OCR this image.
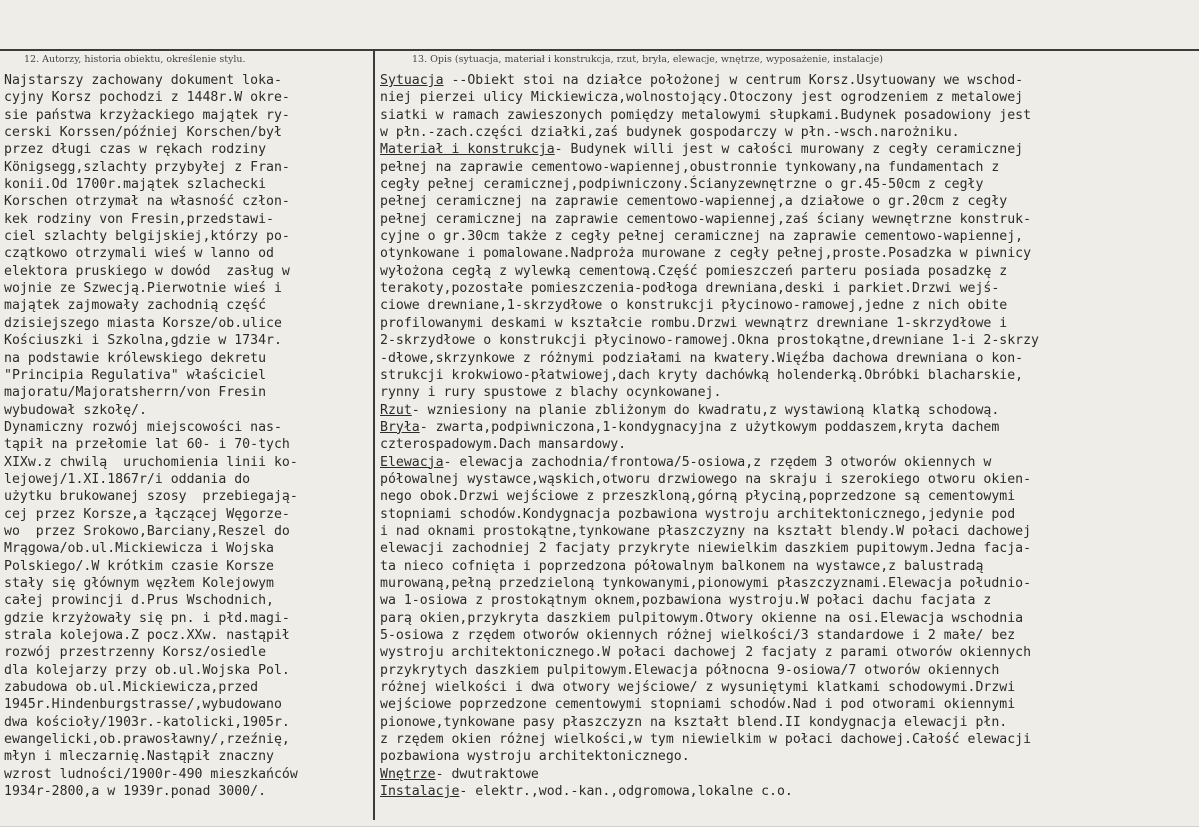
12. Autorzy, historia obiektu, określenie stylu.	13. Opis (sytuacja, materiał i konstrukcja, rzut, bryła, elewacje, wnętrze, wyposażenie, instalacje)
Najstarszy zachowany dokument loka-
cyjny Korsz pochodzi z 1448r.W okre-
sie państwa krzyżackiego majątek ry-
cerski Korssen/później Korschen/był
przez długi czas w rękach rodziny
Königsegg,szlachty przybyłej z Fran-
konii.Od 1700r.majątek szlachecki
Korschen otrzymał na własność człon-
kek rodziny von Fresin,przedstawi-
ciel szlachty belgijskiej,którzy po-
czątkowo otrzymali wieś w lanno od
elektora pruskiego w dowód  zasług w
wojnie ze Szwecją.Pierwotnie wieś i
majątek zajmowały zachodnią część
dzisiejszego miasta Korsze/ob.ulice
Kościuszki i Szkolna,gdzie w 1734r.
na podstawie królewskiego dekretu
"Principia Regulativa" właściciel
majoratu/Majoratsherrn/von Fresin
wybudował szkołę/.
Dynamiczny rozwój miejscowości nas-
tąpił na przełomie lat 60- i 70-tych
XIXw.z chwilą  uruchomienia linii ko-
lejowej/1.XI.1867r/i oddania do
użytku brukowanej szosy  przebiegają-
cej przez Korsze,a łączącej Węgorze-
wo  przez Srokowo,Barciany,Reszel do
Mrągowa/ob.ul.Mickiewicza i Wojska
Polskiego/.W krótkim czasie Korsze
stały się głównym węzłem Kolejowym
całej prowincji d.Prus Wschodnich,
gdzie krzyżowały się pn. i płd.magi-
strala kolejowa.Z pocz.XXw. nastąpił
rozwój przestrzenny Korsz/osiedle
dla kolejarzy przy ob.ul.Wojska Pol.
zabudowa ob.ul.Mickiewicza,przed
1945r.Hindenburgstrasse/,wybudowano
dwa kościoły/1903r.-katolicki,1905r.
ewangelicki,ob.prawosławny/,rzeźnię,
młyn i mleczarnię.Nastąpił znaczny
wzrost ludności/1900r-490 mieszkańców
1934r-2800,a w 1939r.ponad 3000/.
Sytuacja --Obiekt stoi na działce położonej w centrum Korsz.Usytuowany we wschod-
niej pierzei ulicy Mickiewicza,wolnostojący.Otoczony jest ogrodzeniem z metalowej
siatki w ramach zawieszonych pomiędzy metalowymi słupkami.Budynek posadowiony jest
w płn.-zach.części działki,zaś budynek gospodarczy w płn.-wsch.narożniku.
Materiał i konstrukcja- Budynek willi jest w całości murowany z cegły ceramicznej
pełnej na zaprawie cementowo-wapiennej,obustronnie tynkowany,na fundamentach z
cegły pełnej ceramicznej,podpiwniczony.Ścianyzewnętrzne o gr.45-50cm z cegły
pełnej ceramicznej na zaprawie cementowo-wapiennej,a działowe o gr.20cm z cegły
pełnej ceramicznej na zaprawie cementowo-wapiennej,zaś ściany wewnętrzne konstruk-
cyjne o gr.30cm także z cegły pełnej ceramicznej na zaprawie cementowo-wapiennej,
otynkowane i pomalowane.Nadproża murowane z cegły pełnej,proste.Posadzka w piwnicy
wyłożona cegłą z wylewką cementową.Część pomieszczeń parteru posiada posadzkę z
terakoty,pozostałe pomieszczenia-podłoga drewniana,deski i parkiet.Drzwi wejś-
ciowe drewniane,1-skrzydłowe o konstrukcji płycinowo-ramowej,jedne z nich obite
profilowanymi deskami w kształcie rombu.Drzwi wewnątrz drewniane 1-skrzydłowe i
2-skrzydłowe o konstrukcji płycinowo-ramowej.Okna prostokątne,drewniane 1-i 2-skrzy
-dłowe,skrzynkowe z różnymi podziałami na kwatery.Więźba dachowa drewniana o kon-
strukcji krokwiowo-płatwiowej,dach kryty dachówką holenderką.Obróbki blacharskie,
rynny i rury spustowe z blachy ocynkowanej.
Rzut- wzniesiony na planie zbliżonym do kwadratu,z wystawioną klatką schodową.
Bryła- zwarta,podpiwniczona,1-kondygnacyjna z użytkowym poddaszem,kryta dachem
czterospadowym.Dach mansardowy.
Elewacja- elewacja zachodnia/frontowa/5-osiowa,z rzędem 3 otworów okiennych w
półowalnej wystawce,wąskich,otworu drzwiowego na skraju i szerokiego otworu okien-
nego obok.Drzwi wejściowe z przeszkloną,górną płyciną,poprzedzone są cementowymi
stopniami schodów.Kondygnacja pozbawiona wystroju architektonicznego,jedynie pod
i nad oknami prostokątne,tynkowane płaszczyzny na kształt blendy.W połaci dachowej
elewacji zachodniej 2 facjaty przykryte niewielkim daszkiem pupitowym.Jedna facja-
ta nieco cofnięta i poprzedzona półowalnym balkonem na wystawce,z balustradą
murowaną,pełną przedzieloną tynkowanymi,pionowymi płaszczyznami.Elewacja południo-
wa 1-osiowa z prostokątnym oknem,pozbawiona wystroju.W połaci dachu facjata z
parą okien,przykryta daszkiem pulpitowym.Otwory okienne na osi.Elewacja wschodnia
5-osiowa z rzędem otworów okiennych różnej wielkości/3 standardowe i 2 małe/ bez
wystroju architektonicznego.W połaci dachowej 2 facjaty z parami otworów okiennych
przykrytych daszkiem pulpitowym.Elewacja północna 9-osiowa/7 otworów okiennych
różnej wielkości i dwa otwory wejściowe/ z wysuniętymi klatkami schodowymi.Drzwi
wejściowe poprzedzone cementowymi stopniami schodów.Nad i pod otworami okiennymi
pionowe,tynkowane pasy płaszczyzn na kształt blend.II kondygnacja elewacji płn.
z rzędem okien różnej wielkości,w tym niewielkim w połaci dachowej.Całość elewacji
pozbawiona wystroju architektonicznego.
Wnętrze- dwutraktowe
Instalacje- elektr.,wod.-kan.,odgromowa,lokalne c.o.
